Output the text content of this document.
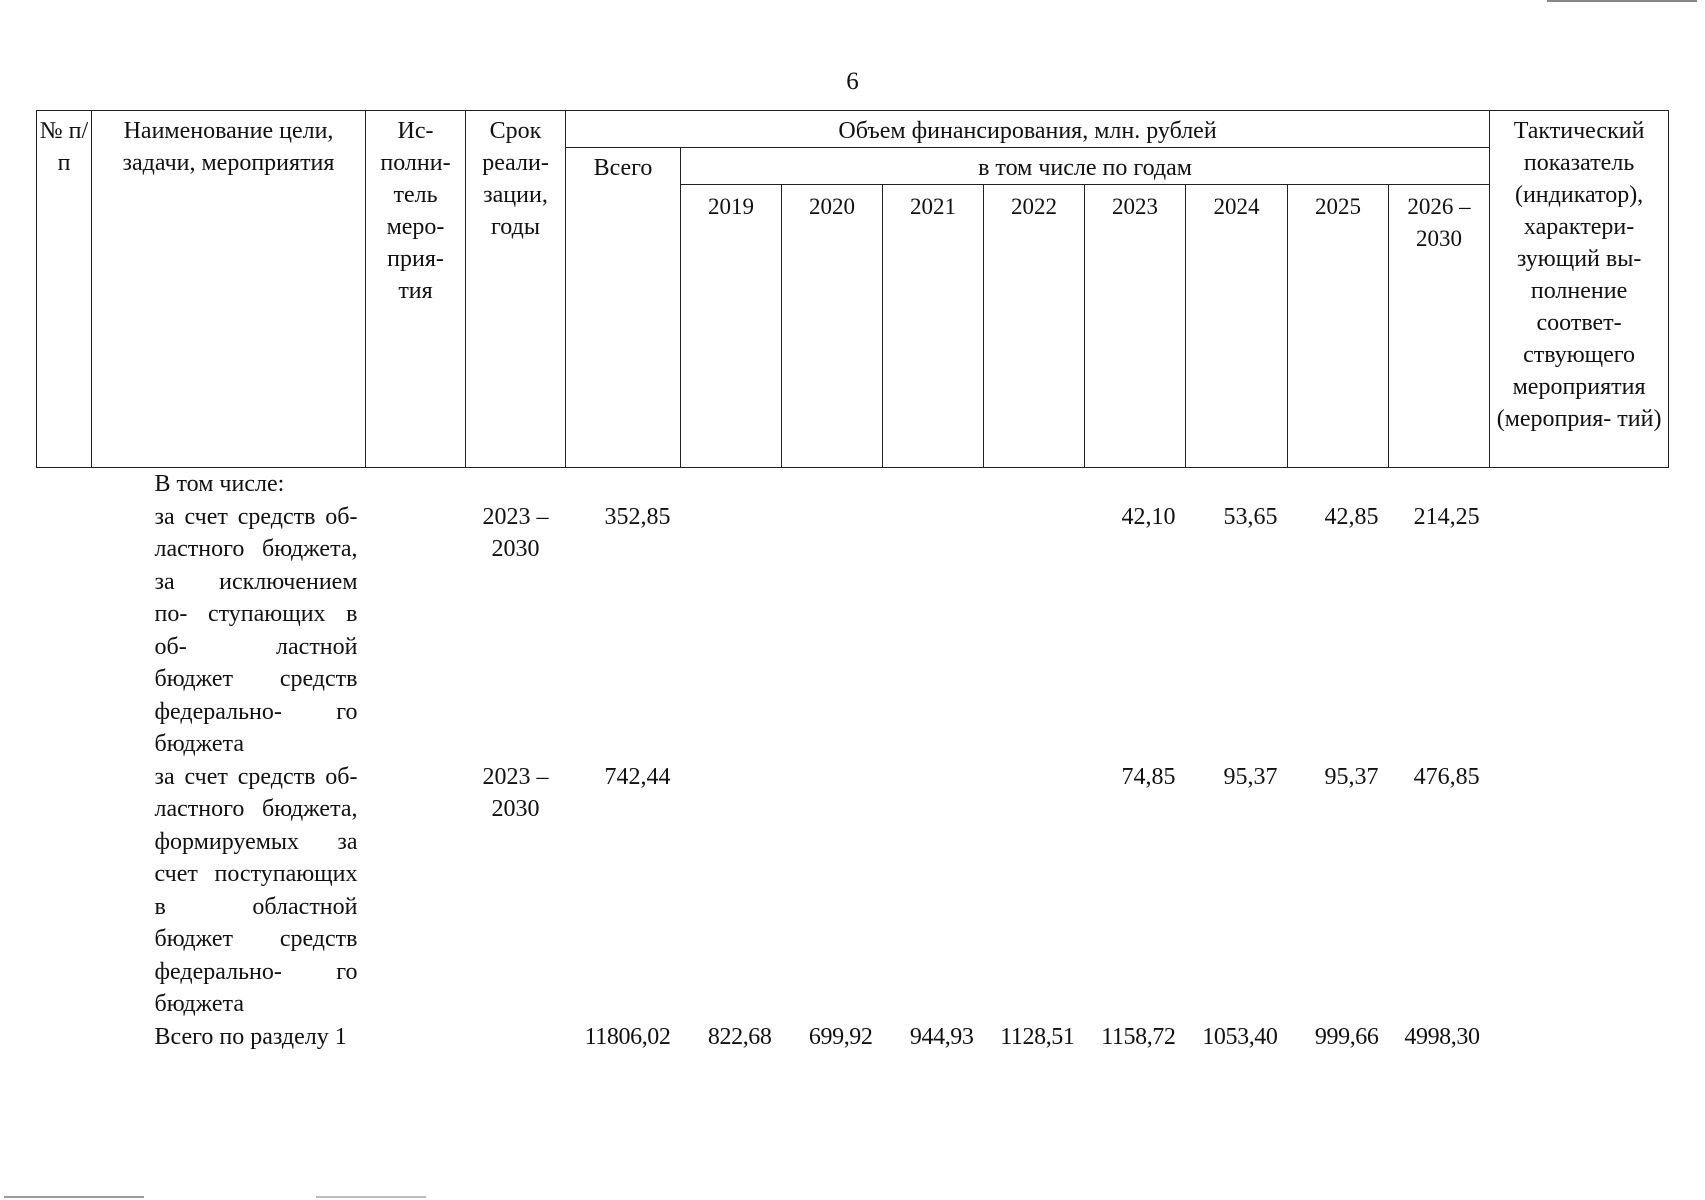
6
№ п/п	Наименование цели, задачи, мероприятия	Ис- полни- тель меро- прия- тия	Срок реали- зации, годы	Объем финансирования, млн. рублей									Тактический показатель (индикатор), характери- зующий вы- полнение соответ- ствующего мероприятия (мероприя- тий)
				Всего	в том числе по годам								
					2019	2020	2021	2022	2023	2024	2025	2026 – 2030	
	В том числе:												
	за счет средств об- ластного бюджета, за исключением по- ступающих в об- ластной бюджет средств федерально- го бюджета		2023 – 2030	352,85					42,10	53,65	42,85	214,25	
	за счет средств об- ластного бюджета, формируемых за счет поступающих в областной бюджет средств федерально- го бюджета		2023 – 2030	742,44					74,85	95,37	95,37	476,85	
	Всего по разделу 1			11806,02	822,68	699,92	944,93	1128,51	1158,72	1053,40	999,66	4998,30	
